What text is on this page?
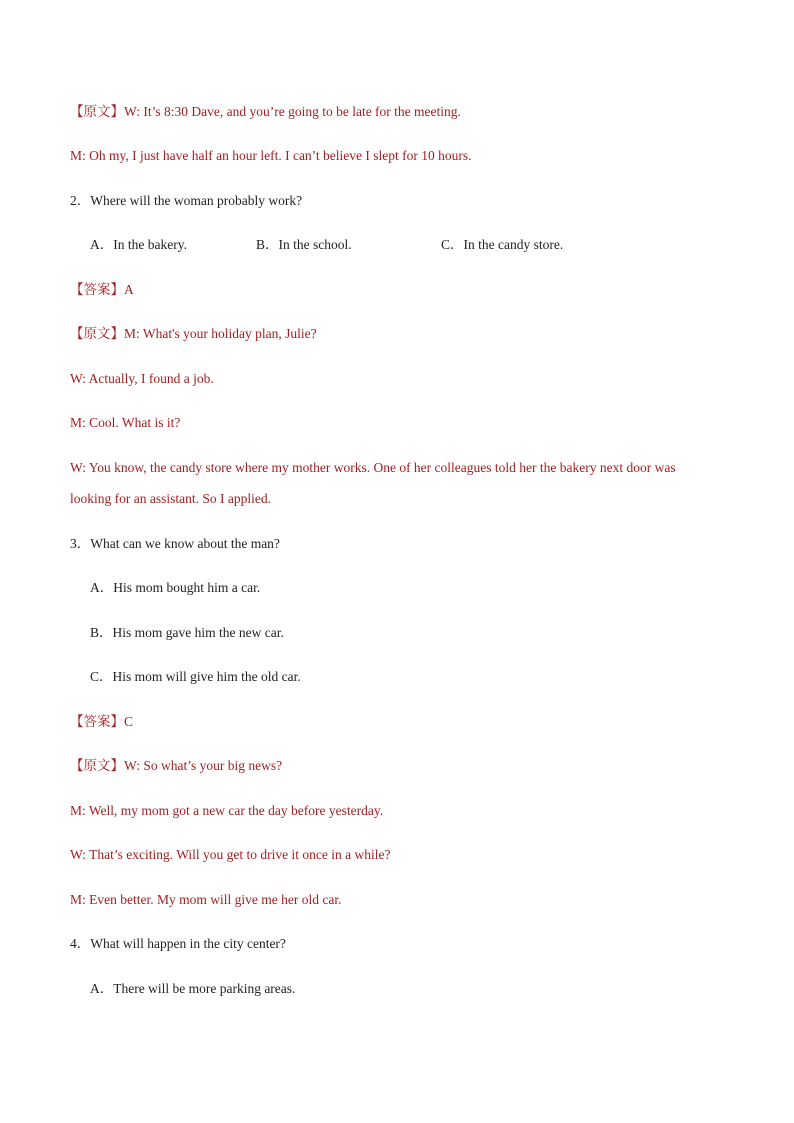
【原文】W: It’s 8:30 Dave, and you’re going to be late for the meeting.
M: Oh my, I just have half an hour left. I can’t believe I slept for 10 hours.
2．Where will the woman probably work?
A．In the bakery.	B．In the school.	C．In the candy store.
【答案】A
【原文】M: What's your holiday plan, Julie?
W: Actually, I found a job.
M: Cool. What is it?
W: You know, the candy store where my mother works. One of her colleagues told her the bakery next door was
looking for an assistant. So I applied.
3．What can we know about the man?
A．His mom bought him a car.
B．His mom gave him the new car.
C．His mom will give him the old car.
【答案】C
【原文】W: So what’s your big news?
M: Well, my mom got a new car the day before yesterday.
W: That’s exciting. Will you get to drive it once in a while?
M: Even better. My mom will give me her old car.
4．What will happen in the city center?
A．There will be more parking areas.
